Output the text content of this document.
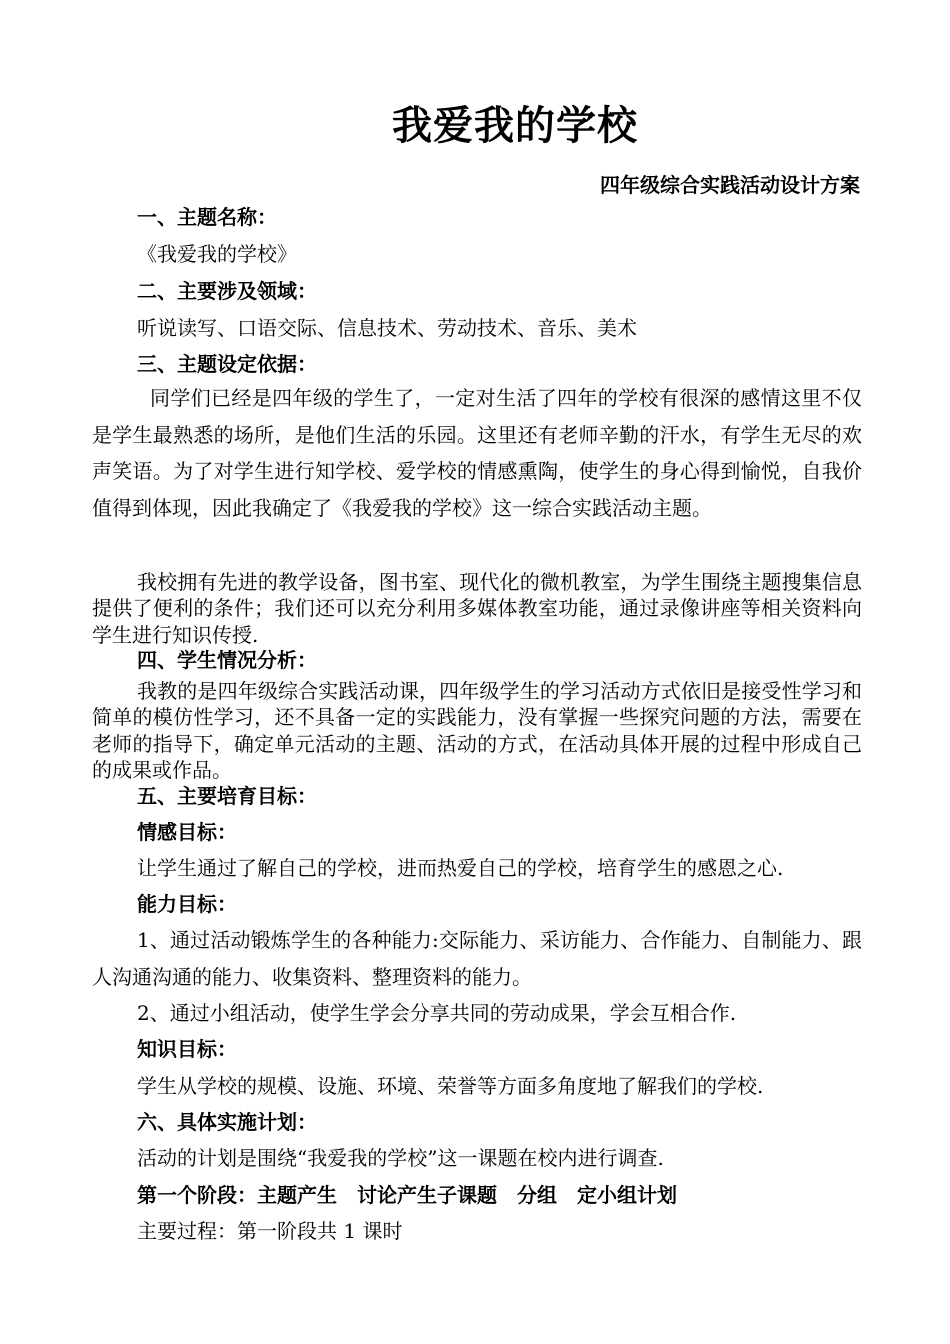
我爱我的学校
四年级综合实践活动设计方案
一、主题名称：
《我爱我的学校》
二、主要涉及领域：
听说读写、口语交际、信息技术、劳动技术、音乐、美术
三、主题设定依据：
同学们已经是四年级的学生了，一定对生活了四年的学校有很深的感情这里不仅是学生最熟悉的场所，是他们生活的乐园。这里还有老师辛勤的汗水，有学生无尽的欢声笑语。为了对学生进行知学校、爱学校的情感熏陶，使学生的身心得到愉悦，自我价值得到体现，因此我确定了《我爱我的学校》这一综合实践活动主题。
我校拥有先进的教学设备，图书室、现代化的微机教室，为学生围绕主题搜集信息提供了便利的条件；我们还可以充分利用多媒体教室功能，通过录像讲座等相关资料向学生进行知识传授.
四、学生情况分析：
我教的是四年级综合实践活动课，四年级学生的学习活动方式依旧是接受性学习和简单的模仿性学习，还不具备一定的实践能力，没有掌握一些探究问题的方法，需要在老师的指导下，确定单元活动的主题、活动的方式，在活动具体开展的过程中形成自己的成果或作品。
五、主要培育目标：
情感目标：
让学生通过了解自己的学校，进而热爱自己的学校，培育学生的感恩之心.
能力目标：
1、通过活动锻炼学生的各种能力:交际能力、采访能力、合作能力、自制能力、跟人沟通沟通的能力、收集资料、整理资料的能力。
2、通过小组活动，使学生学会分享共同的劳动成果，学会互相合作.
知识目标：
学生从学校的规模、设施、环境、荣誉等方面多角度地了解我们的学校.
六、具体实施计划：
活动的计划是围绕“我爱我的学校”这一课题在校内进行调查.
第一个阶段：主题产生　讨论产生子课题　分组　定小组计划
主要过程：第一阶段共 1 课时
